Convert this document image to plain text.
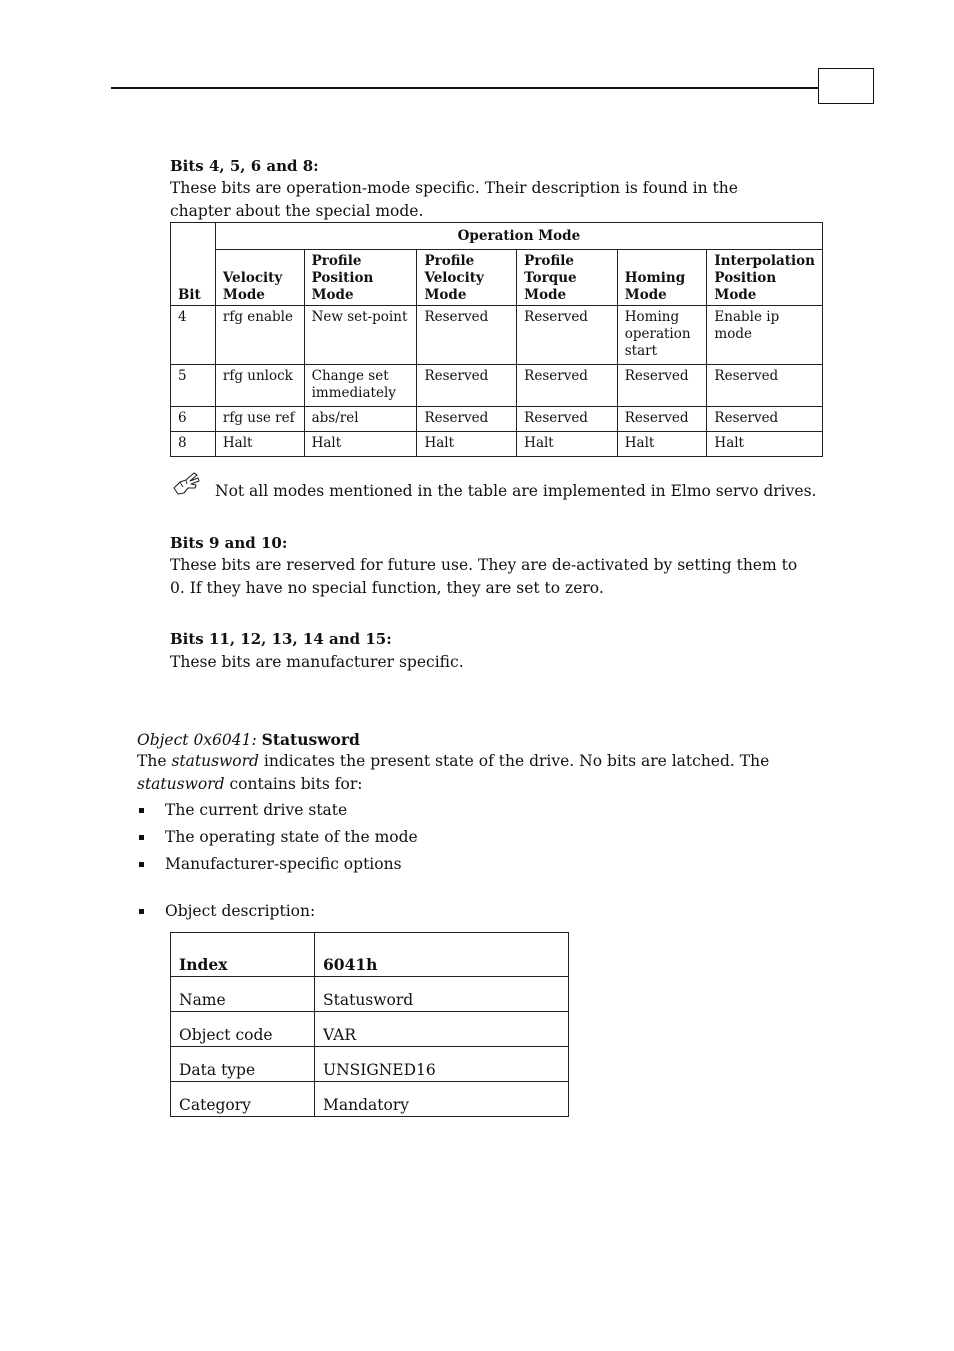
Bits 4, 5, 6 and 8:
These bits are operation-mode specific. Their description is found in the chapter about the special mode.
Bit	Operation Mode					
	Velocity Mode	Profile Position Mode	Profile Velocity Mode	Profile Torque Mode	Homing Mode	Interpolation Position Mode
4	rfg enable	New set-point	Reserved	Reserved	Homing operation start	Enable ip mode
5	rfg unlock	Change set immediately	Reserved	Reserved	Reserved	Reserved
6	rfg use ref	abs/rel	Reserved	Reserved	Reserved	Reserved
8	Halt	Halt	Halt	Halt	Halt	Halt
Not all modes mentioned in the table are implemented in Elmo servo drives.
Bits 9 and 10:
These bits are reserved for future use. They are de-activated by setting them to 0. If they have no special function, they are set to zero.
Bits 11, 12, 13, 14 and 15:
These bits are manufacturer specific.
Object 0x6041: Statusword
The statusword indicates the present state of the drive. No bits are latched. The statusword contains bits for:
The current drive state
The operating state of the mode
Manufacturer-specific options
Object description:
Index	6041h
Name	Statusword
Object code	VAR
Data type	UNSIGNED16
Category	Mandatory
